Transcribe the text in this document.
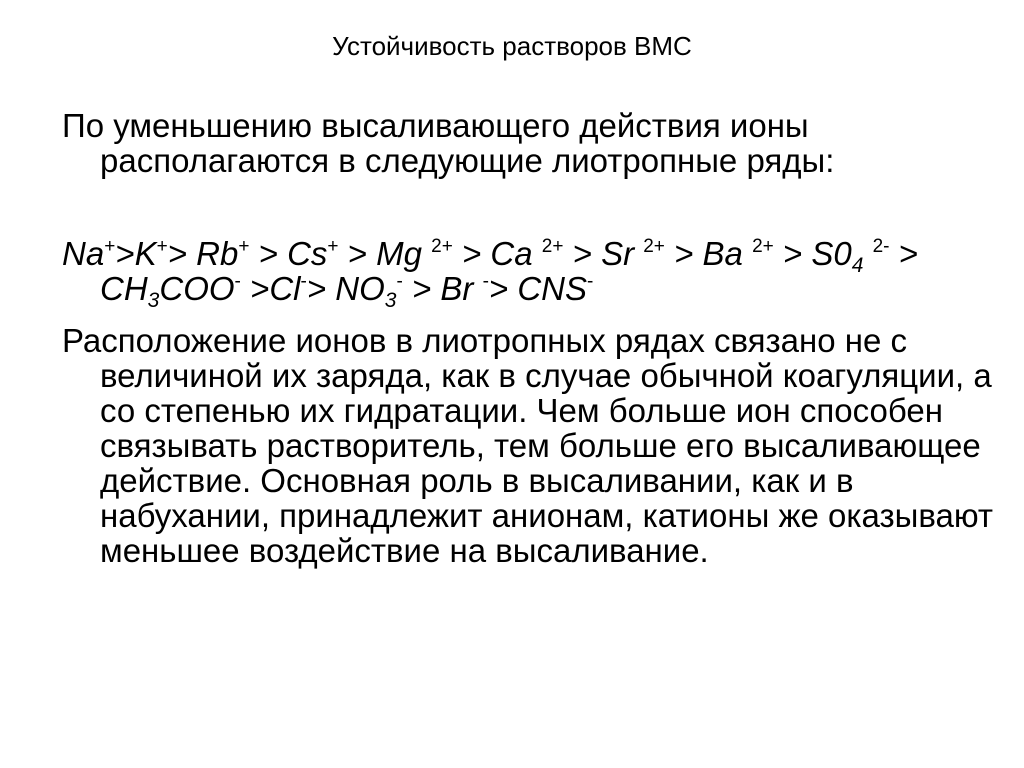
Устойчивость растворов ВМС

По уменьшению высаливающего действия ионы располагаются в следующие лиотропные ряды:

Na+>K+> Rb+ > Cs+ > Mg $^{2+}$ > Ca $^{2+}$ > Sr $^{2+}$ > Ba $^{2+} > S0_4$ $^{2-} > CH_3COO^- >Cl^-> NO_3^- > Br$ -> CNS-

Расположение ионов в лиотропных рядах связано не с величиной их заряда, как в случае обычной коагуляции, а со степенью их гидратации. Чем больше ион способен связывать растворитель, тем больше его высаливающее действие. Основная роль в высаливании, как и в набухании, принадлежит анионам, катионы же оказывают меньшее воздействие на высаливание.
